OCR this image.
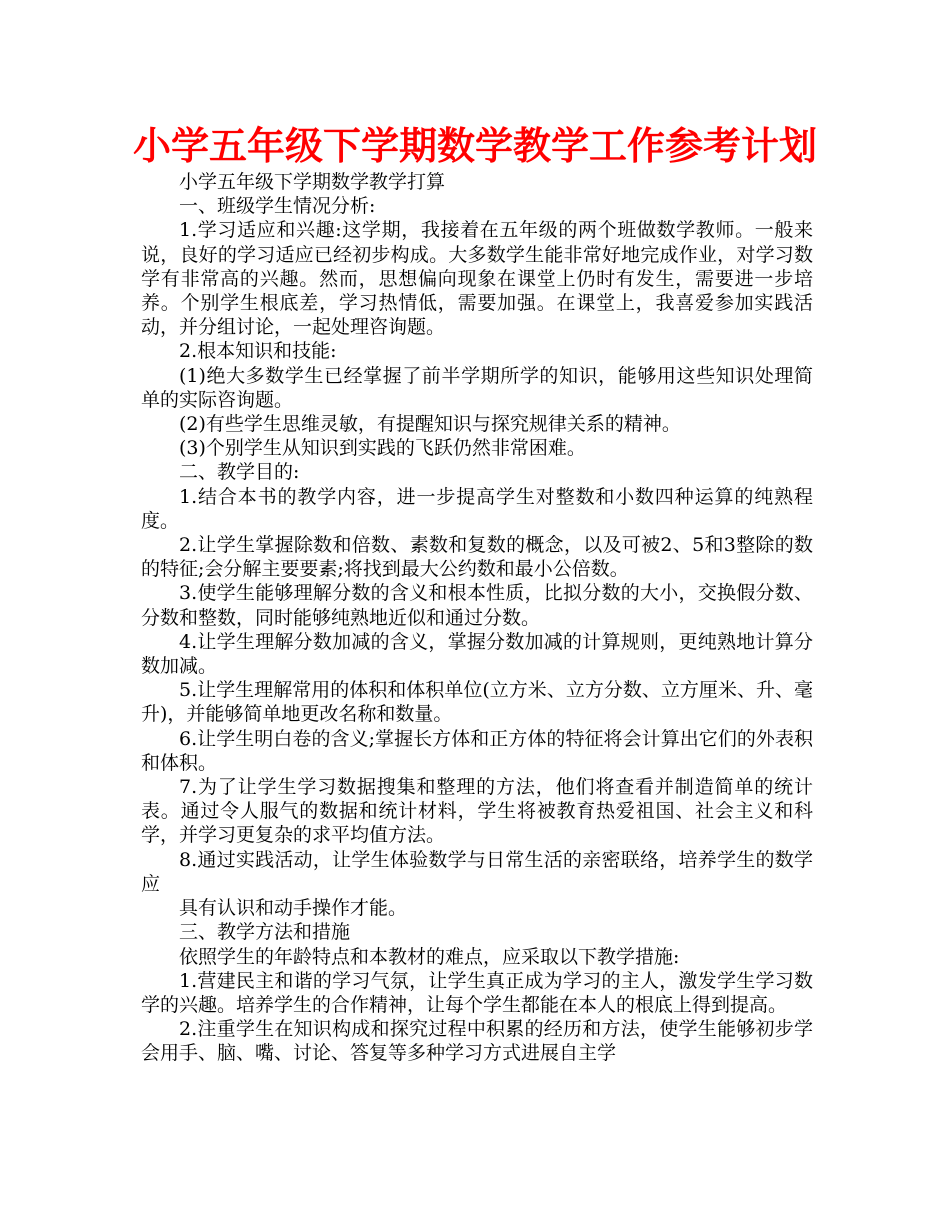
小学五年级下学期数学教学工作参考计划

小学五年级下学期数学教学打算

一、班级学生情况分析:

1.学习适应和兴趣:这学期，我接着在五年级的两个班做数学教师。一般来说，良好的学习适应已经初步构成。大多数学生能非常好地完成作业，对学习数学有非常高的兴趣。然而，思想偏向现象在课堂上仍时有发生，需要进一步培养。个别学生根底差，学习热情低，需要加强。在课堂上，我喜爱参加实践活动，并分组讨论，一起处理咨询题。

2.根本知识和技能:

(1)绝大多数学生已经掌握了前半学期所学的知识，能够用这些知识处理简单的实际咨询题。

(2)有些学生思维灵敏，有提醒知识与探究规律关系的精神。

(3)个别学生从知识到实践的飞跃仍然非常困难。

二、教学目的:

1.结合本书的教学内容，进一步提高学生对整数和小数四种运算的纯熟程度。

2.让学生掌握除数和倍数、素数和复数的概念，以及可被2、5和3整除的数的特征;会分解主要要素;将找到最大公约数和最小公倍数。

3.使学生能够理解分数的含义和根本性质，比拟分数的大小，交换假分数、分数和整数，同时能够纯熟地近似和通过分数。

4.让学生理解分数加减的含义，掌握分数加减的计算规则，更纯熟地计算分数加减。

5.让学生理解常用的体积和体积单位(立方米、立方分数、立方厘米、升、毫升)，并能够简单地更改名称和数量。

6.让学生明白卷的含义;掌握长方体和正方体的特征将会计算出它们的外表积和体积。

7.为了让学生学习数据搜集和整理的方法，他们将查看并制造简单的统计表。通过令人服气的数据和统计材料，学生将被教育热爱祖国、社会主义和科学，并学习更复杂的求平均值方法。

8.通过实践活动，让学生体验数学与日常生活的亲密联络，培养学生的数学应

具有认识和动手操作才能。

三、教学方法和措施

依照学生的年龄特点和本教材的难点，应采取以下教学措施:

1.营建民主和谐的学习气氛，让学生真正成为学习的主人，激发学生学习数学的兴趣。培养学生的合作精神，让每个学生都能在本人的根底上得到提高。

2.注重学生在知识构成和探究过程中积累的经历和方法，使学生能够初步学会用手、脑、嘴、讨论、答复等多种学习方式进展自主学
